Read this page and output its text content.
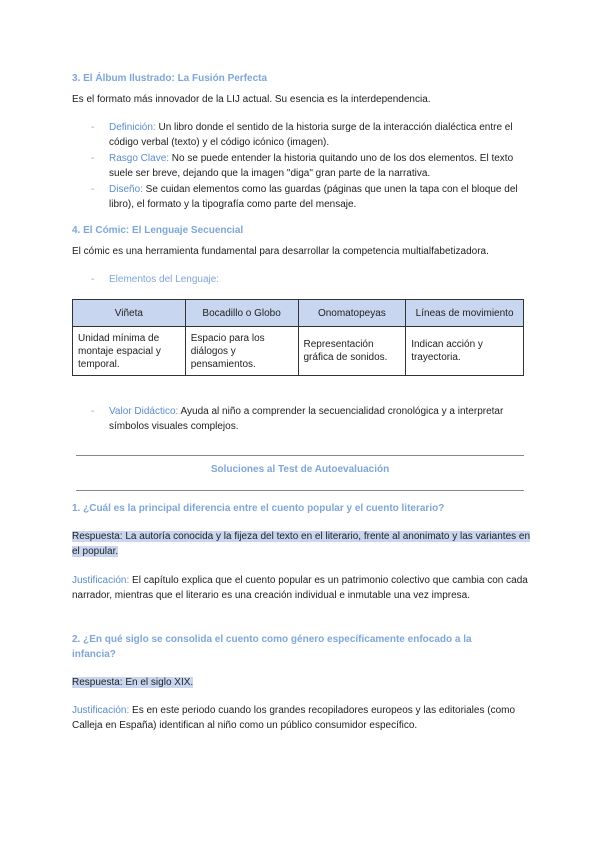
3. El Álbum Ilustrado: La Fusión Perfecta
Es el formato más innovador de la LIJ actual. Su esencia es la interdependencia.
- Definición: Un libro donde el sentido de la historia surge de la interacción dialéctica entre el código verbal (texto) y el código icónico (imagen).
- Rasgo Clave: No se puede entender la historia quitando uno de los dos elementos. El texto suele ser breve, dejando que la imagen "diga" gran parte de la narrativa.
- Diseño: Se cuidan elementos como las guardas (páginas que unen la tapa con el bloque del libro), el formato y la tipografía como parte del mensaje.
4. El Cómic: El Lenguaje Secuencial
El cómic es una herramienta fundamental para desarrollar la competencia multialfabetizadora.
- Elementos del Lenguaje:
Viñeta	Bocadillo o Globo	Onomatopeyas	Líneas de movimiento
Unidad mínima de montaje espacial y temporal.	Espacio para los diálogos y pensamientos.	Representación gráfica de sonidos.	Indican acción y trayectoria.
- Valor Didáctico: Ayuda al niño a comprender la secuencialidad cronológica y a interpretar símbolos visuales complejos.
Soluciones al Test de Autoevaluación
1. ¿Cuál es la principal diferencia entre el cuento popular y el cuento literario?
Respuesta: La autoría conocida y la fijeza del texto en el literario, frente al anonimato y las variantes en el popular.
Justificación: El capítulo explica que el cuento popular es un patrimonio colectivo que cambia con cada narrador, mientras que el literario es una creación individual e inmutable una vez impresa.
2. ¿En qué siglo se consolida el cuento como género específicamente enfocado a la infancia?
Respuesta: En el siglo XIX.
Justificación: Es en este periodo cuando los grandes recopiladores europeos y las editoriales (como Calleja en España) identifican al niño como un público consumidor específico.
